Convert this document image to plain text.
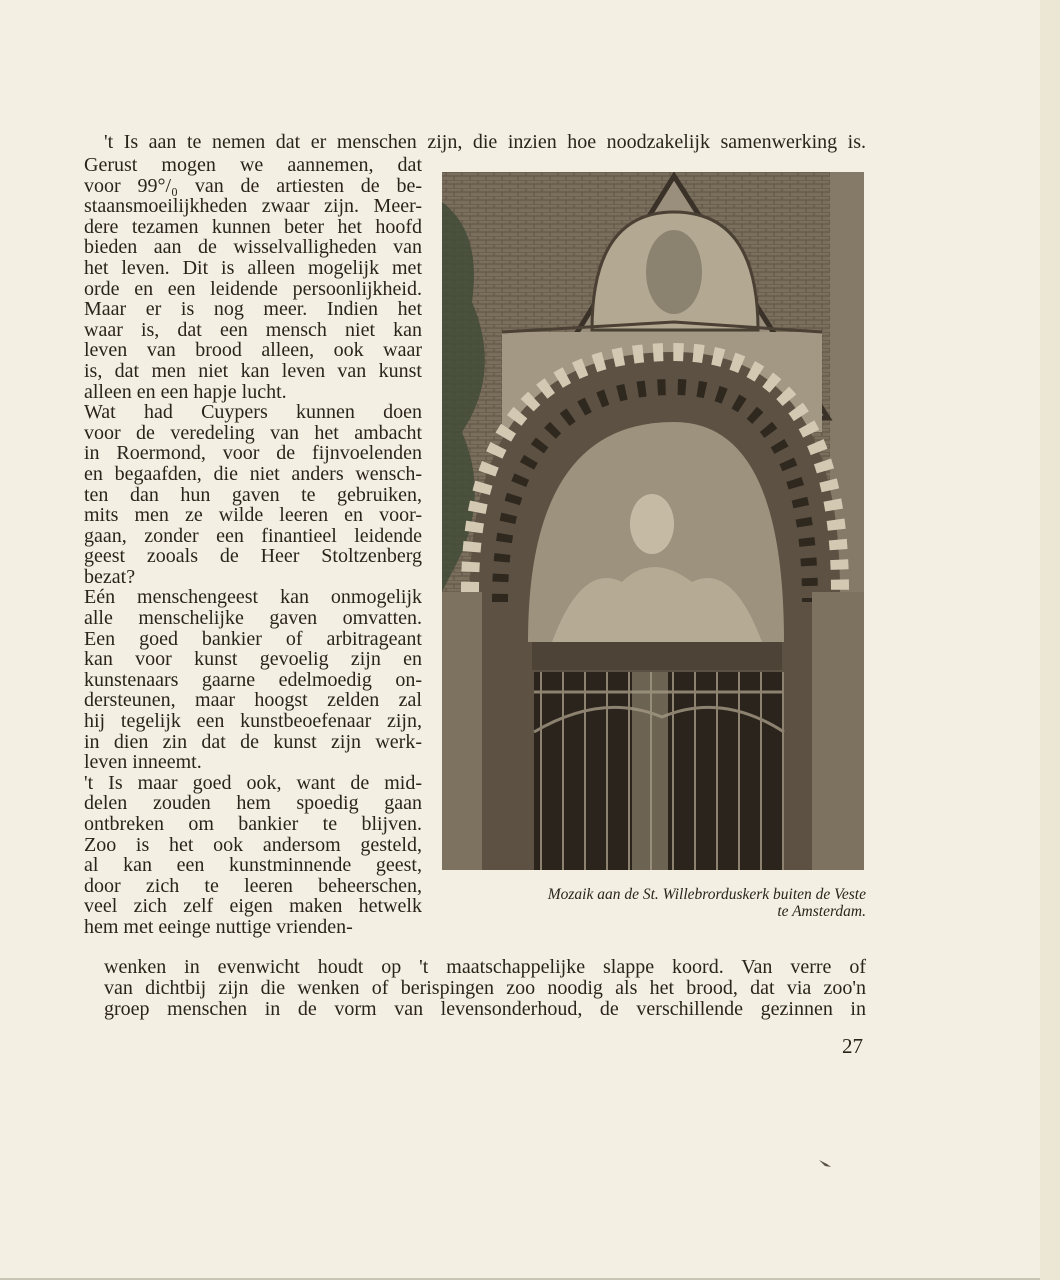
't Is aan te nemen dat er menschen zijn, die inzien hoe noodzakelijk samenwerking is.

Gerust mogen we aannemen, dat
voor 99°/₀ van de artiesten de be-
staansmoeilijkheden zwaar zijn. Meer-
dere tezamen kunnen beter het hoofd
bieden aan de wisselvalligheden van
het leven. Dit is alleen mogelijk met
orde en een leidende persoonlijkheid.
Maar er is nog meer. Indien het
waar is, dat een mensch niet kan
leven van brood alleen, ook waar
is, dat men niet kan leven van kunst
alleen en een hapje lucht.

Wat had Cuypers kunnen doen
voor de veredeling van het ambacht
in Roermond, voor de fijnvoelenden
en begaafden, die niet anders wensch-
ten dan hun gaven te gebruiken,
mits men ze wilde leeren en voor-
gaan, zonder een finantieel leidende
geest zooals de Heer Stoltzenberg
bezat?

Eén menschengeest kan onmogelijk
alle menschelijke gaven omvatten.
Een goed bankier of arbitrageant
kan voor kunst gevoelig zijn en
kunstenaars gaarne edelmoedig on-
dersteunen, maar hoogst zelden zal
hij tegelijk een kunstbeoefenaar zijn,
in dien zin dat de kunst zijn werk-
leven inneemt.

't Is maar goed ook, want de mid-
delen zouden hem spoedig gaan
ontbreken om bankier te blijven.
Zoo is het ook andersom gesteld,
al kan een kunstminnende geest,
door zich te leeren beheerschen,
veel zich zelf eigen maken hetwelk
hem met eeinge nuttige vrienden-

Mozaik aan de St. Willebrorduskerk buiten de Veste
te Amsterdam.
wenken in evenwicht houdt op 't maatschappelijke slappe koord. Van verre of
van dichtbij zijn die wenken of berispingen zoo noodig als het brood, dat via zoo'n
groep menschen in de vorm van levensonderhoud, de verschillende gezinnen in
27
